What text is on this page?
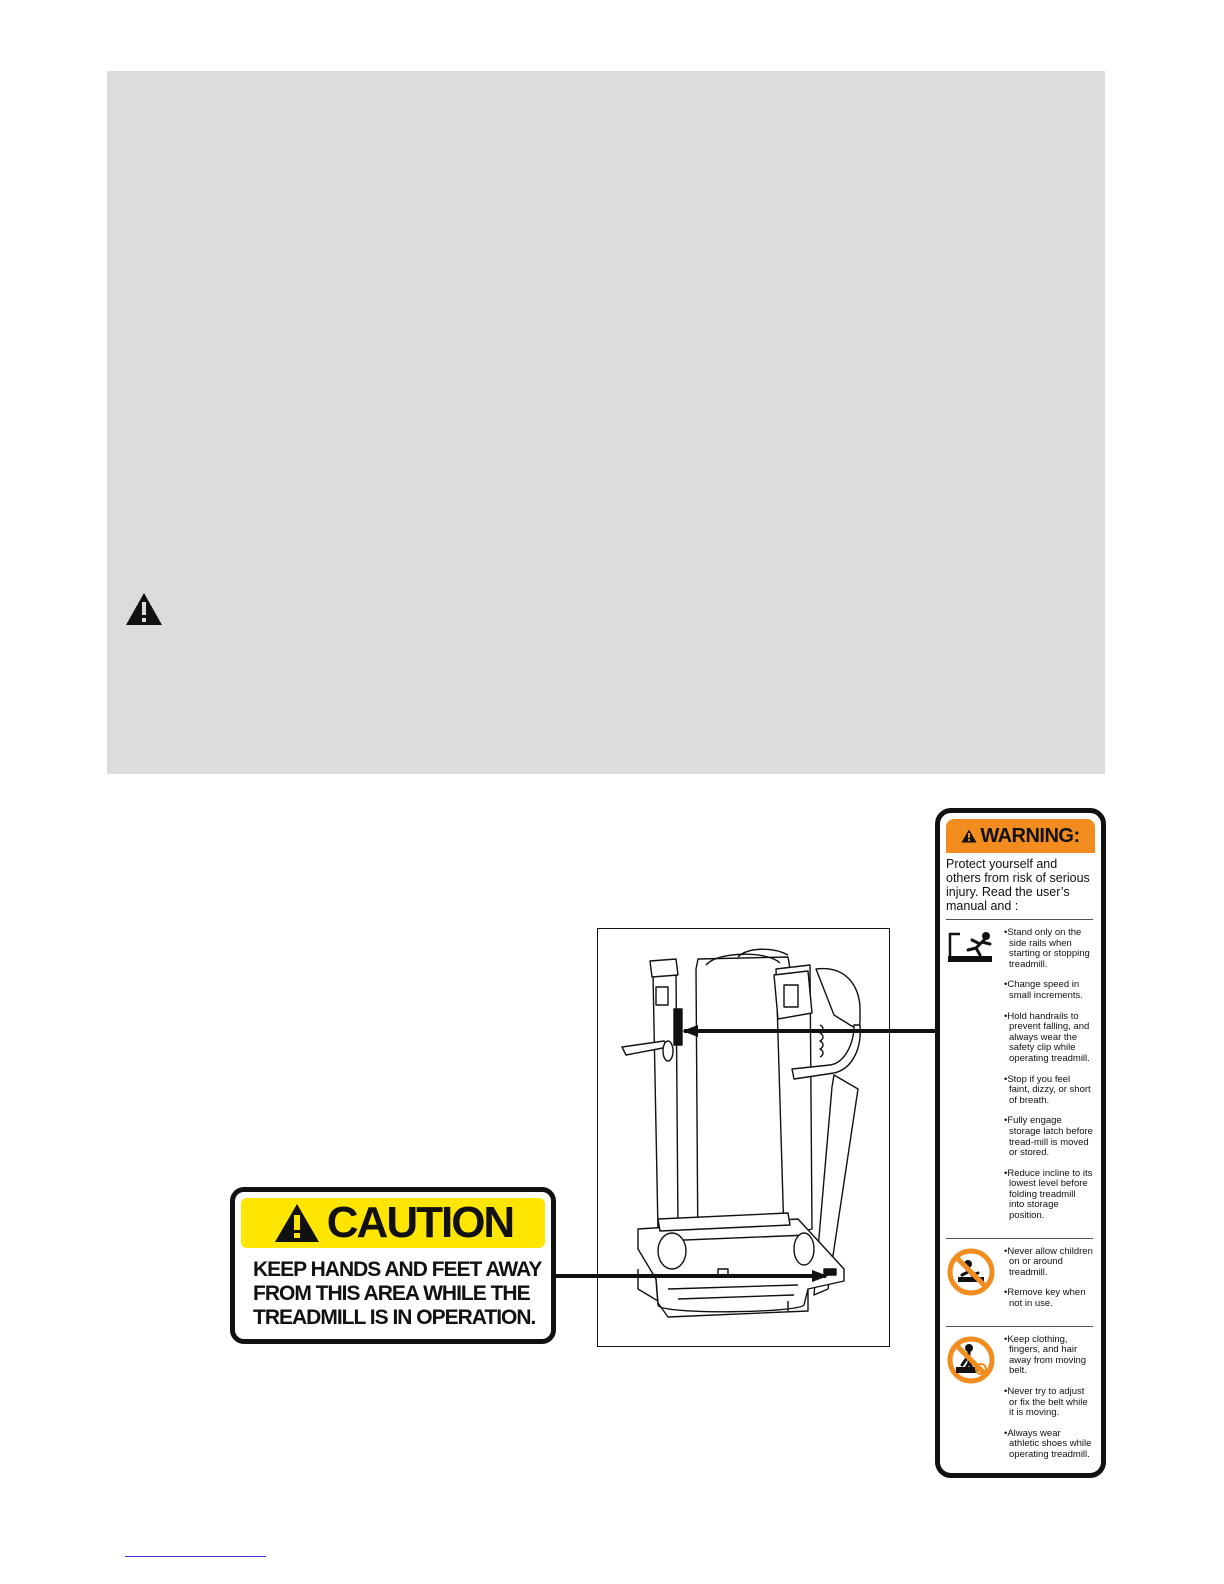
CAUTION
KEEP HANDS AND FEET AWAY
FROM THIS AREA WHILE THE
TREADMILL IS IN OPERATION.
WARNING:
Protect yourself and others from risk of serious injury. Read the user’s manual and :
• Stand only on the side rails when starting or stopping treadmill.
• Change speed in small increments.
• Hold handrails to prevent falling, and always wear the safety clip while operating treadmill.
• Stop if you feel faint, dizzy, or short of breath.
• Fully engage storage latch before tread-mill is moved or stored.
• Reduce incline to its lowest level before folding treadmill into storage position.
• Never allow children on or around treadmill.
• Remove key when not in use.
• Keep clothing, fingers, and hair away from moving belt.
• Never try to adjust or fix the belt while it is moving.
• Always wear athletic shoes while operating treadmill.
